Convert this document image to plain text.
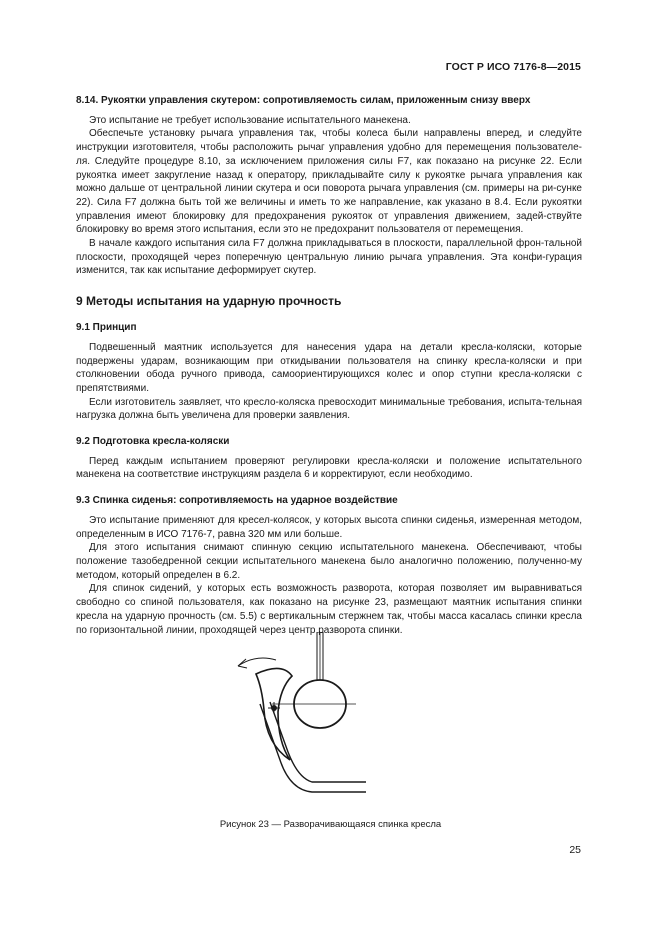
ГОСТ Р ИСО 7176-8—2015

8.14. Рукоятки управления скутером: сопротивляемость силам, приложенным снизу вверх

Это испытание не требует использование испытательного манекена.

Обеспечьте установку рычага управления так, чтобы колеса были направлены вперед, и следуйте инструкции изготовителя, чтобы расположить рычаг управления удобно для перемещения пользователе-ля. Следуйте процедуре 8.10, за исключением приложения силы F7, как показано на рисунке 22. Если рукоятка имеет закругление назад к оператору, прикладывайте силу к рукоятке рычага управления как можно дальше от центральной линии скутера и оси поворота рычага управления (см. примеры на ри-сунке 22). Сила F7 должна быть той же величины и иметь то же направление, как указано в 8.4. Если рукоятки управления имеют блокировку для предохранения рукояток от управления движением, задей-ствуйте блокировку во время этого испытания, если это не предохранит пользователя от перемещения.

В начале каждого испытания сила F7 должна прикладываться в плоскости, параллельной фрон-тальной плоскости, проходящей через поперечную центральную линию рычага управления. Эта конфи-гурация изменится, так как испытание деформирует скутер.

9 Методы испытания на ударную прочность

9.1 Принцип

Подвешенный маятник используется для нанесения удара на детали кресла-коляски, которые подвержены ударам, возникающим при откидывании пользователя на спинку кресла-коляски и при столкновении обода ручного привода, самоориентирующихся колес и опор ступни кресла-коляски с препятствиями.

Если изготовитель заявляет, что кресло-коляска превосходит минимальные требования, испыта-тельная нагрузка должна быть увеличена для проверки заявления.

9.2 Подготовка кресла-коляски

Перед каждым испытанием проверяют регулировки кресла-коляски и положение испытательного манекена на соответствие инструкциям раздела 6 и корректируют, если необходимо.

9.3 Спинка сиденья: сопротивляемость на ударное воздействие

Это испытание применяют для кресел-колясок, у которых высота спинки сиденья, измеренная методом, определенным в ИСО 7176-7, равна 320 мм или больше.

Для этого испытания снимают спинную секцию испытательного манекена. Обеспечивают, чтобы положение тазобедренной секции испытательного манекена было аналогично положению, полученно-му методом, который определен в 6.2.

Для спинок сидений, у которых есть возможность разворота, которая позволяет им выравниваться свободно со спиной пользователя, как показано на рисунке 23, размещают маятник испытания спинки кресла на ударную прочность (см. 5.5) с вертикальным стержнем так, чтобы масса касалась спинки кресла по горизонтальной линии, проходящей через центр разворота спинки.

Рисунок 23 — Разворачивающаяся спинка кресла
25
